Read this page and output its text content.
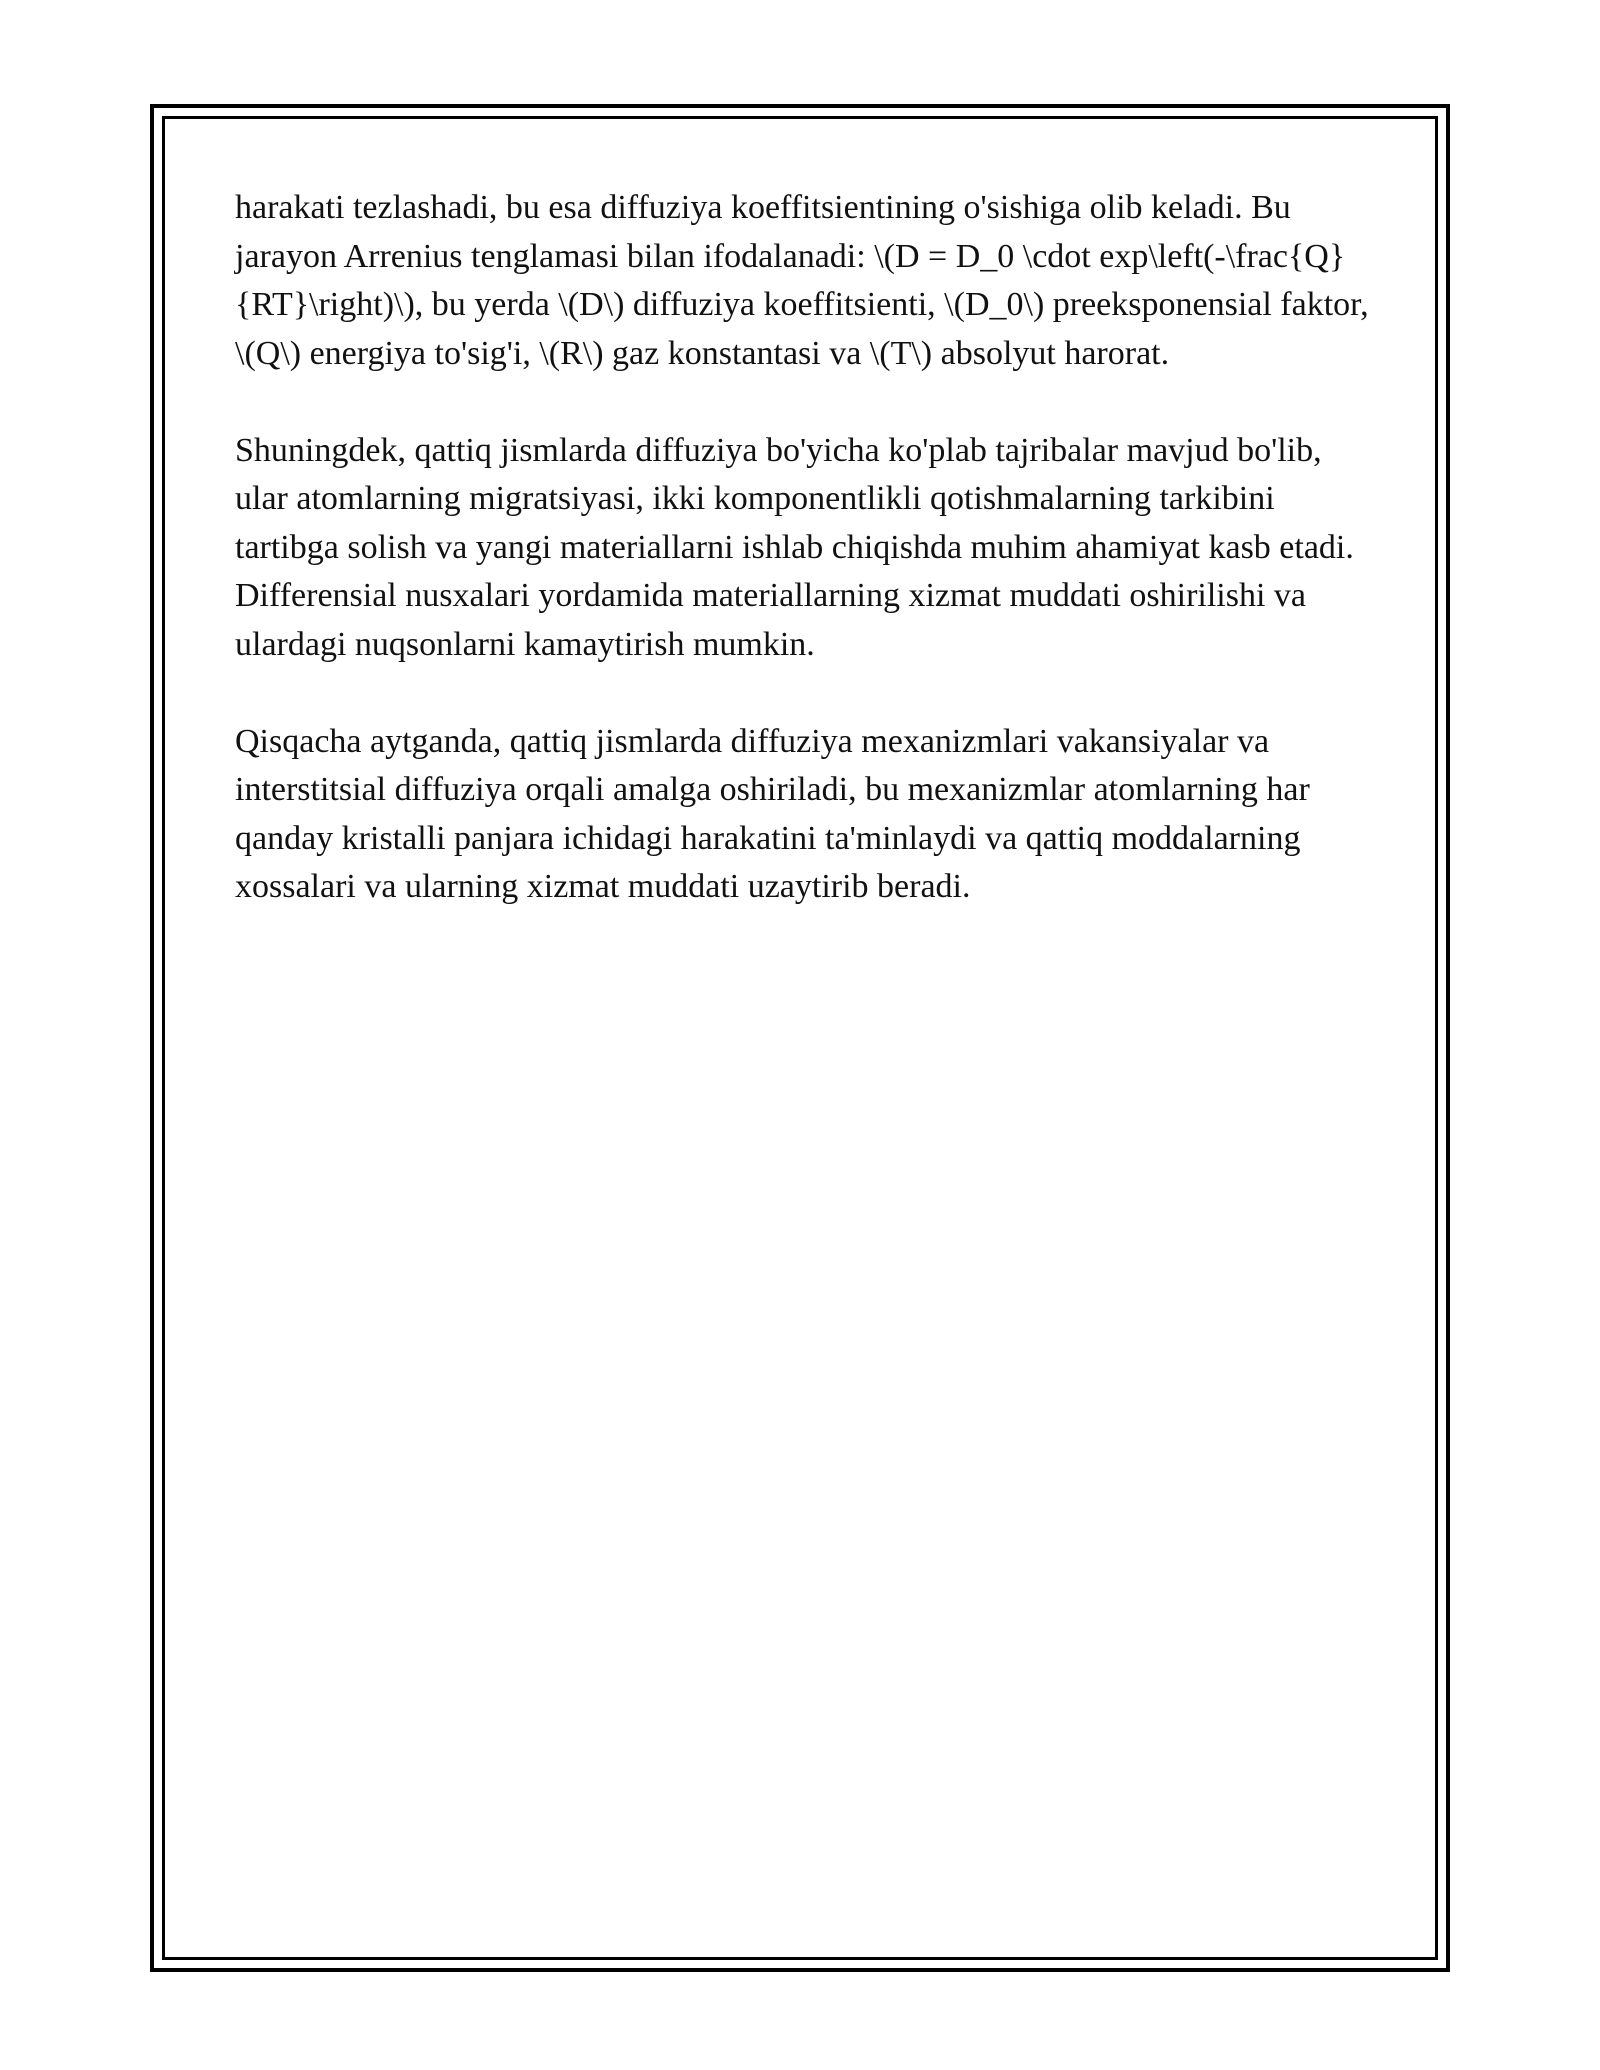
harakati tezlashadi, bu esa diffuziya koeffitsientining o'sishiga olib keladi. Bu jarayon Arrenius tenglamasi bilan ifodalanadi: \(D = D_0 \cdot exp\left(-\frac{Q}{RT}\right)\), bu yerda \(D\) diffuziya koeffitsienti, \(D_0\) preeksponensial faktor, \(Q\) energiya to'sig'i, \(R\) gaz konstantasi va \(T\) absolyut harorat.

Shuningdek, qattiq jismlarda diffuziya bo'yicha ko'plab tajribalar mavjud bo'lib, ular atomlarning migratsiyasi, ikki komponentlikli qotishmalarning tarkibini tartibga solish va yangi materiallarni ishlab chiqishda muhim ahamiyat kasb etadi. Differensial nusxalari yordamida materiallarning xizmat muddati oshirilishi va ulardagi nuqsonlarni kamaytirish mumkin.

Qisqacha aytganda, qattiq jismlarda diffuziya mexanizmlari vakansiyalar va interstitsial diffuziya orqali amalga oshiriladi, bu mexanizmlar atomlarning har qanday kristalli panjara ichidagi harakatini ta'minlaydi va qattiq moddalarning xossalari va ularning xizmat muddati uzaytirib beradi.
